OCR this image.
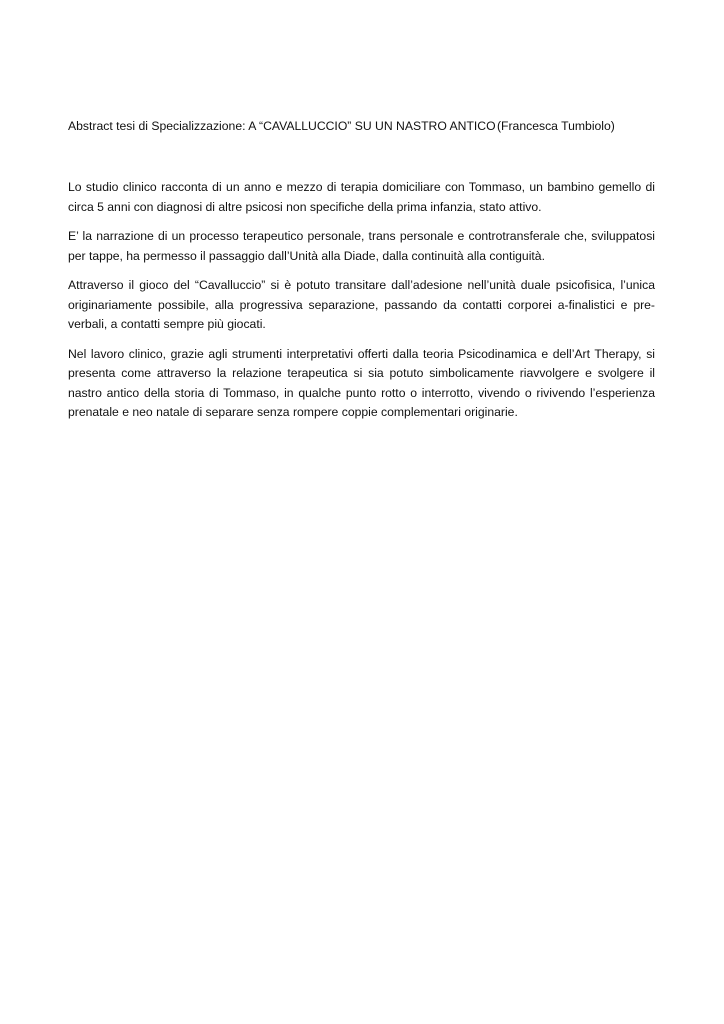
Abstract tesi di Specializzazione: A “CAVALLUCCIO” SU UN NASTRO ANTICO (Francesca Tumbiolo)

Lo studio clinico racconta di un anno e mezzo di terapia domiciliare con Tommaso, un bambino gemello di circa 5 anni con diagnosi di altre psicosi non specifiche della prima infanzia, stato attivo.

E’ la narrazione di un processo terapeutico personale, trans personale e controtransferale che, sviluppatosi per tappe, ha permesso il passaggio dall’Unità alla Diade, dalla continuità alla contiguità.

Attraverso il gioco del “Cavalluccio” si è potuto transitare dall’adesione nell’unità duale psicofisica, l’unica originariamente possibile, alla progressiva separazione, passando da contatti corporei a-finalistici e pre-verbali, a contatti sempre più giocati.

Nel lavoro clinico, grazie agli strumenti interpretativi offerti dalla teoria Psicodinamica e dell’Art Therapy, si presenta come attraverso la relazione terapeutica si sia potuto simbolicamente riavvolgere e svolgere il nastro antico della storia di Tommaso, in qualche punto rotto o interrotto, vivendo o rivivendo l’esperienza prenatale e neo natale di separare senza rompere coppie complementari originarie.
